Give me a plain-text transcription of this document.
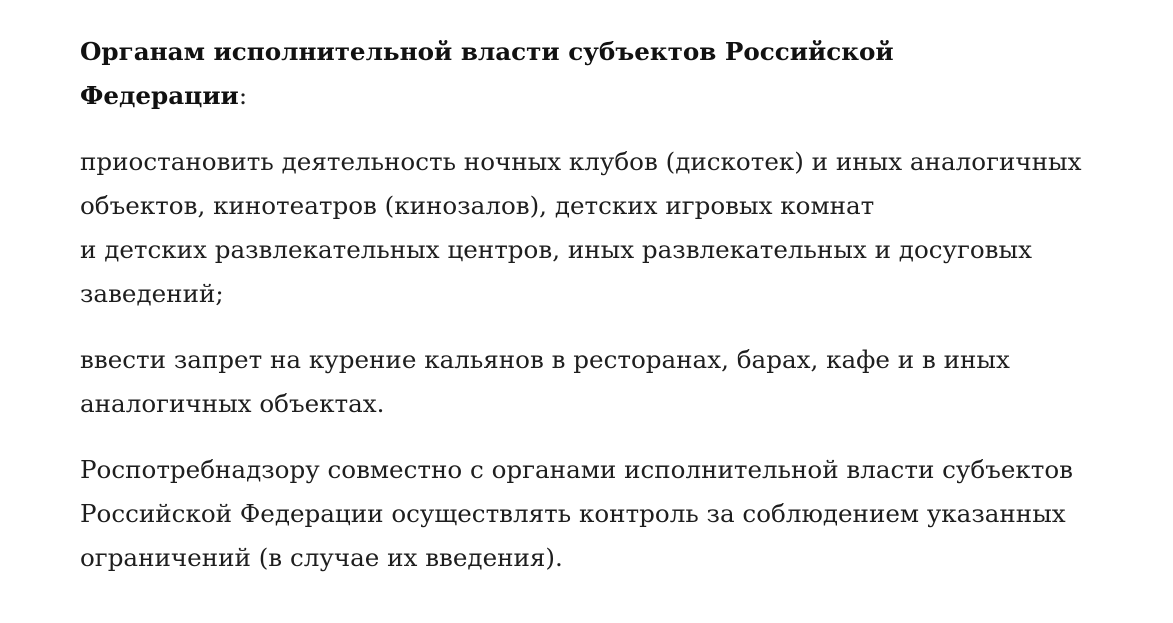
Органам исполнительной власти субъектов Российской
Федерации:

приостановить деятельность ночных клубов (дискотек) и иных аналогичных
объектов, кинотеатров (кинозалов), детских игровых комнат
и детских развлекательных центров, иных развлекательных и досуговых
заведений;

ввести запрет на курение кальянов в ресторанах, барах, кафе и в иных
аналогичных объектах.

Роспотребнадзору совместно с органами исполнительной власти субъектов
Российской Федерации осуществлять контроль за соблюдением указанных
ограничений (в случае их введения).
